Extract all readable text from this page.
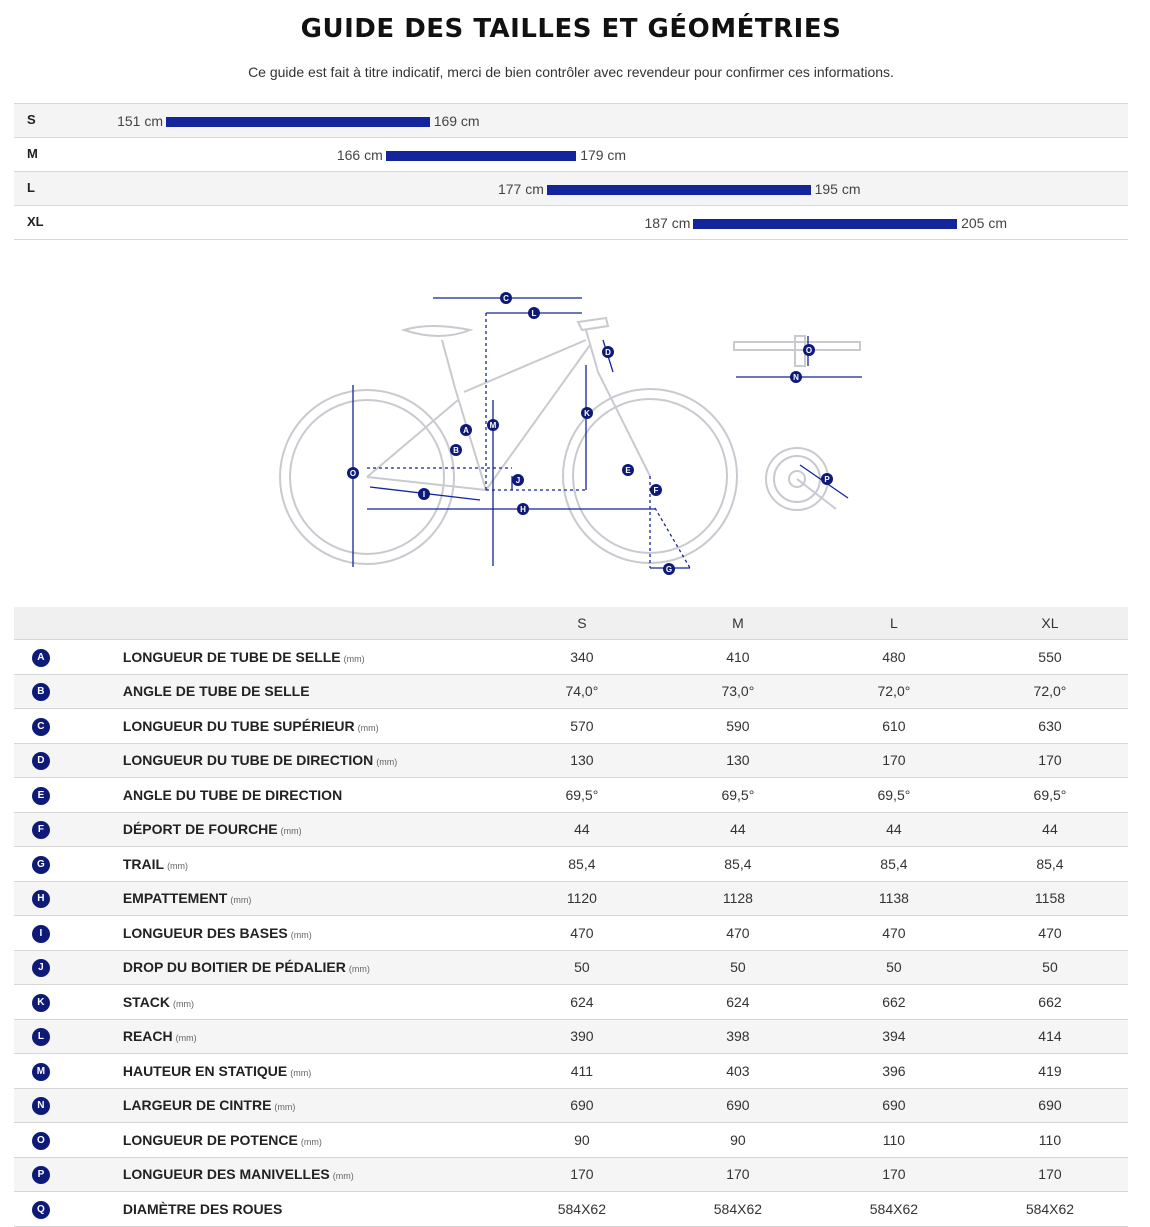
GUIDE DES TAILLES ET GÉOMÉTRIES
Ce guide est fait à titre indicatif, merci de bien contrôler avec revendeur pour confirmer ces informations.
S	151 cm	169 cm
M	166 cm	179 cm
L	177 cm	195 cm
XL	187 cm	205 cm
A
B
C
D
E
F
G
H
I
J
K
L
M
N
O
O
P
		S	M	L	XL
A	LONGUEUR DE TUBE DE SELLE (mm)	340	410	480	550
B	ANGLE DE TUBE DE SELLE	74,0°	73,0°	72,0°	72,0°
C	LONGUEUR DU TUBE SUPÉRIEUR (mm)	570	590	610	630
D	LONGUEUR DU TUBE DE DIRECTION (mm)	130	130	170	170
E	ANGLE DU TUBE DE DIRECTION	69,5°	69,5°	69,5°	69,5°
F	DÉPORT DE FOURCHE (mm)	44	44	44	44
G	TRAIL (mm)	85,4	85,4	85,4	85,4
H	EMPATTEMENT (mm)	1120	1128	1138	1158
I	LONGUEUR DES BASES (mm)	470	470	470	470
J	DROP DU BOITIER DE PÉDALIER (mm)	50	50	50	50
K	STACK (mm)	624	624	662	662
L	REACH (mm)	390	398	394	414
M	HAUTEUR EN STATIQUE (mm)	411	403	396	419
N	LARGEUR DE CINTRE (mm)	690	690	690	690
O	LONGUEUR DE POTENCE (mm)	90	90	110	110
P	LONGUEUR DES MANIVELLES (mm)	170	170	170	170
Q	DIAMÈTRE DES ROUES	584X62	584X62	584X62	584X62
